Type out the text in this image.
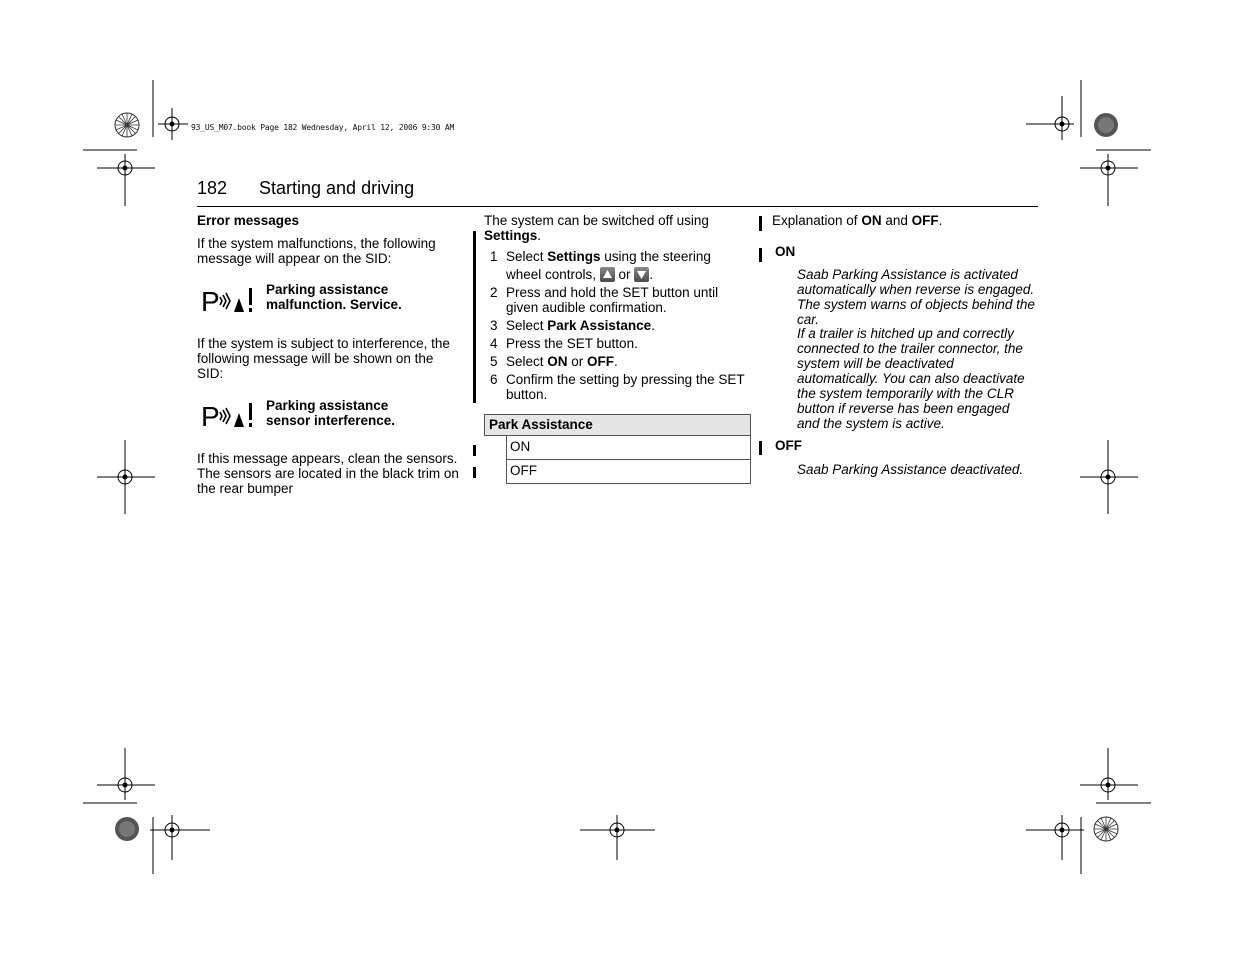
93_US_M07.book Page 182 Wednesday, April 12, 2006 9:30 AM
182 Starting and driving
Error messages
If the system malfunctions, the following message will appear on the SID:
P	Parking assistance
malfunction. Service.
If the system is subject to interference, the following message will be shown on the SID:
P	Parking assistance
sensor interference.
If this message appears, clean the sensors.
The sensors are located in the black trim on
the rear bumper
The system can be switched off using
Settings.
1 Select Settings using the steering
wheel controls,
or
.
2 Press and hold the SET button until given audible confirmation.
3 Select Park Assistance.
4 Press the SET button.
5 Select ON or OFF.
6 Confirm the setting by pressing the SET button.
Park Assistance
ON
OFF
Explanation of ON and OFF.
ON
Saab Parking Assistance is activated automatically when reverse is engaged. The system warns of objects behind the car.
If a trailer is hitched up and correctly connected to the trailer connector, the system will be deactivated automatically. You can also deactivate the system temporarily with the CLR button if reverse has been engaged and the system is active.
OFF
Saab Parking Assistance deactivated.
